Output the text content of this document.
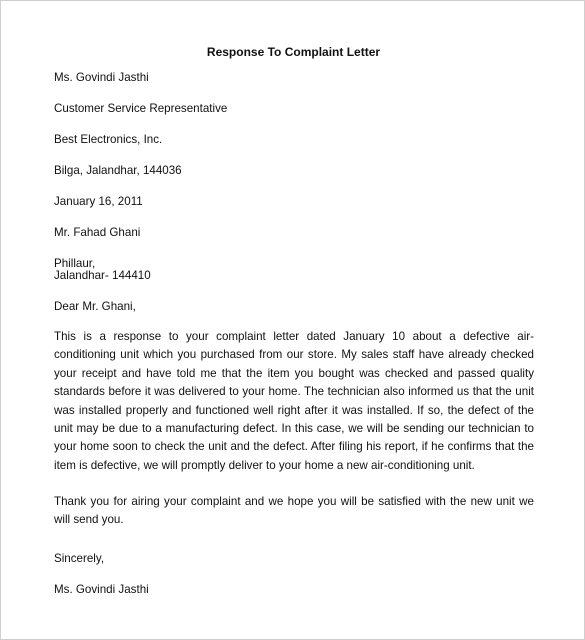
Response To Complaint Letter
Ms. Govindi Jasthi
Customer Service Representative
Best Electronics, Inc.
Bilga, Jalandhar, 144036
January 16, 2011
Mr. Fahad Ghani
Phillaur,
Jalandhar- 144410
Dear Mr. Ghani,

This is a response to your complaint letter dated January 10 about a defective air-conditioning unit which you purchased from our store. My sales staff have already checked your receipt and have told me that the item you bought was checked and passed quality standards before it was delivered to your home. The technician also informed us that the unit was installed properly and functioned well right after it was installed. If so, the defect of the unit may be due to a manufacturing defect. In this case, we will be sending our technician to your home soon to check the unit and the defect. After filing his report, if he confirms that the item is defective, we will promptly deliver to your home a new air-conditioning unit.

Thank you for airing your complaint and we hope you will be satisfied with the new unit we will send you.

Sincerely,
Ms. Govindi Jasthi
